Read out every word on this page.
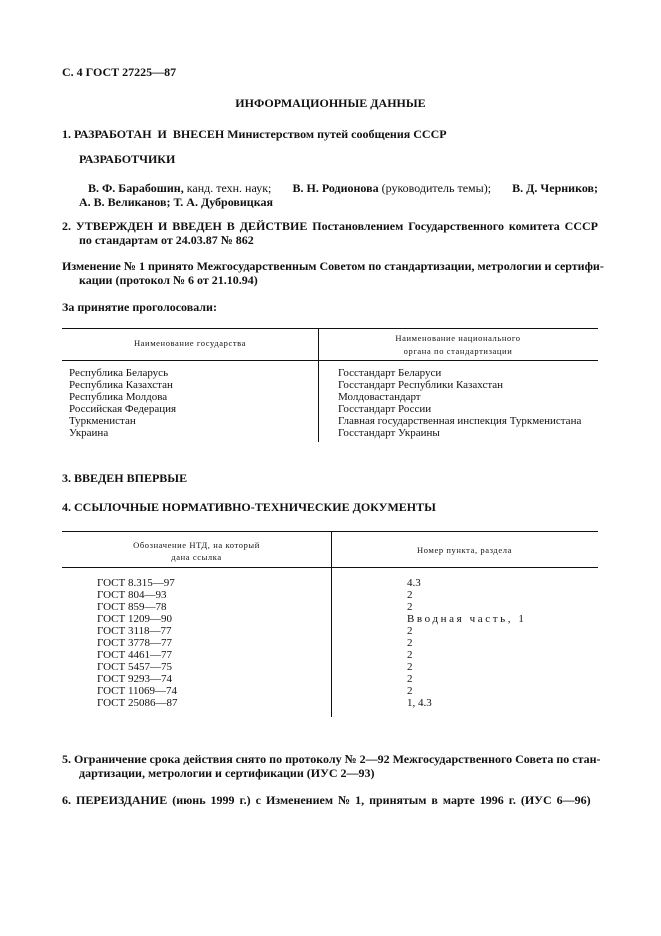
С. 4 ГОСТ 27225—87
ИНФОРМАЦИОННЫЕ ДАННЫЕ
1. РАЗРАБОТАН И ВНЕСЕН Министерством путей сообщения СССР
РАЗРАБОТЧИКИ
В. Ф. Барабошин, канд. техн. наук; В. Н. Родионова (руководитель темы); В. Д. Черников;
А. В. Великанов; Т. А. Дубровицкая
2. УТВЕРЖДЕН И ВВЕДЕН В ДЕЙСТВИЕ Постановлением Государственного комитета СССР
по стандартам от 24.03.87 № 862
Изменение № 1 принято Межгосударственным Советом по стандартизации, метрологии и сертифи-
кации (протокол № 6 от 21.10.94)
За принятие проголосовали:
Наименование государства	Наименование национального
органа по стандартизации
Республика Беларусь	Госстандарт Беларуси
Республика Казахстан	Госстандарт Республики Казахстан
Республика Молдова	Молдовастандарт
Российская Федерация	Госстандарт России
Туркменистан	Главная государственная инспекция Туркменистана
Украина	Госстандарт Украины
3. ВВЕДЕН ВПЕРВЫЕ
4. ССЫЛОЧНЫЕ НОРМАТИВНО-ТЕХНИЧЕСКИЕ ДОКУМЕНТЫ
Обозначение НТД, на который
дана ссылка
Номер пункта, раздела
ГОСТ 8.315—97	4.3
ГОСТ 804—93	2
ГОСТ 859—78	2
ГОСТ 1209—90	Вводная часть, 1
ГОСТ 3118—77	2
ГОСТ 3778—77	2
ГОСТ 4461—77	2
ГОСТ 5457—75	2
ГОСТ 9293—74	2
ГОСТ 11069—74	2
ГОСТ 25086—87	1, 4.3
5. Ограничение срока действия снято по протоколу № 2—92 Межгосударственного Совета по стан-
дартизации, метрологии и сертификации (ИУС 2—93)
6. ПЕРЕИЗДАНИЕ (июнь 1999 г.) с Изменением № 1, принятым в марте 1996 г. (ИУС 6—96)
